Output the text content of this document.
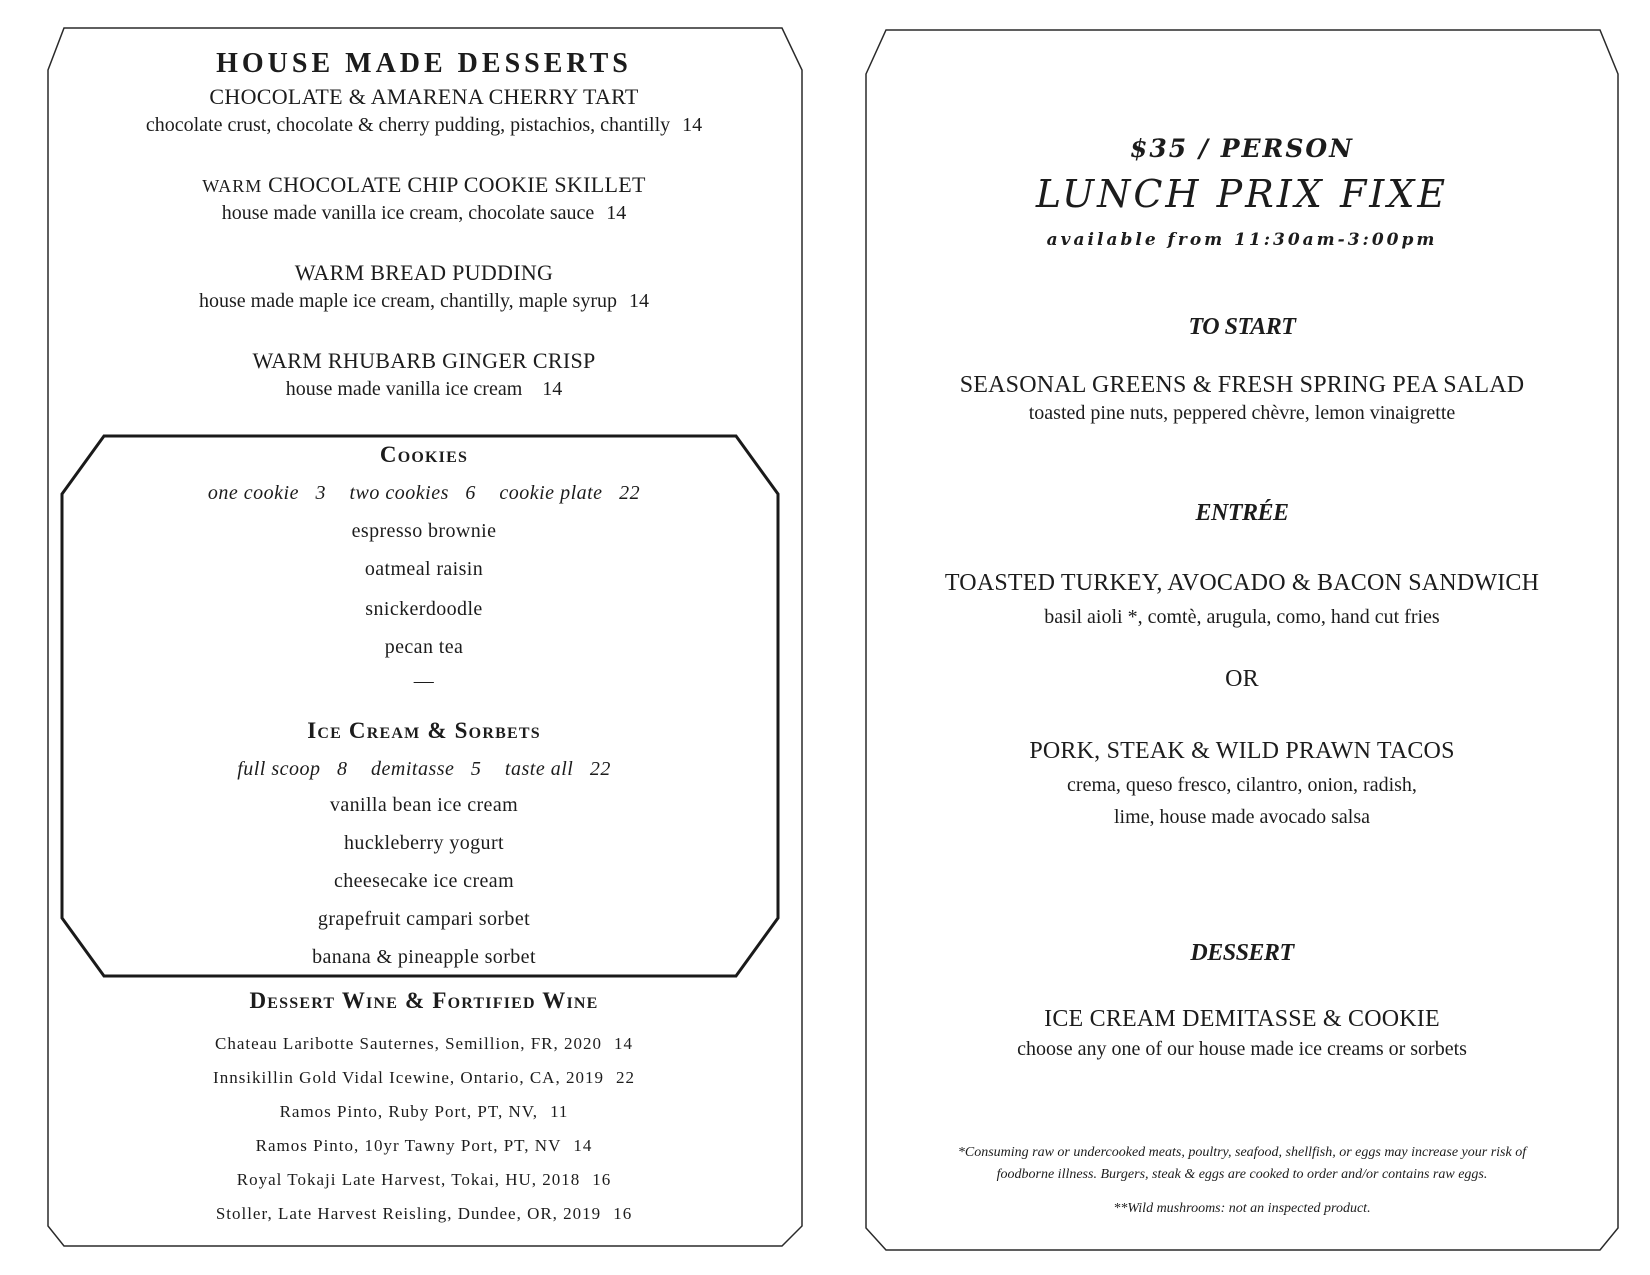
HOUSE MADE DESSERTS
CHOCOLATE & AMARENA CHERRY TART
chocolate crust, chocolate & cherry pudding, pistachios, chantilly 14
WARM CHOCOLATE CHIP COOKIE SKILLET
house made vanilla ice cream, chocolate sauce 14
WARM BREAD PUDDING
house made maple ice cream, chantilly, maple syrup 14
WARM RHUBARB GINGER CRISP
house made vanilla ice cream 14
Cookies
one cookie 3 two cookies 6 cookie plate 22
espresso brownie
oatmeal raisin
snickerdoodle
pecan tea
—
Ice Cream & Sorbets
full scoop 8 demitasse 5 taste all 22
vanilla bean ice cream
huckleberry yogurt
cheesecake ice cream
grapefruit campari sorbet
banana & pineapple sorbet
Dessert Wine & Fortified Wine
Chateau Laribotte Sauternes, Semillion, FR, 2020 14
Innsikillin Gold Vidal Icewine, Ontario, CA, 2019 22
Ramos Pinto, Ruby Port, PT, NV, 11
Ramos Pinto, 10yr Tawny Port, PT, NV 14
Royal Tokaji Late Harvest, Tokai, HU, 2018 16
Stoller, Late Harvest Reisling, Dundee, OR, 2019 16
$35 / PERSON
LUNCH PRIX FIXE
available from 11:30am-3:00pm
TO START
SEASONAL GREENS & FRESH SPRING PEA SALAD
toasted pine nuts, peppered chèvre, lemon vinaigrette
ENTRÉE
TOASTED TURKEY, AVOCADO & BACON SANDWICH
basil aioli *, comtè, arugula, como, hand cut fries
OR
PORK, STEAK & WILD PRAWN TACOS
crema, queso fresco, cilantro, onion, radish,
lime, house made avocado salsa
DESSERT
ICE CREAM DEMITASSE & COOKIE
choose any one of our house made ice creams or sorbets
*Consuming raw or undercooked meats, poultry, seafood, shellfish, or eggs may increase your risk of
foodborne illness. Burgers, steak & eggs are cooked to order and/or contains raw eggs.
**Wild mushrooms: not an inspected product.
